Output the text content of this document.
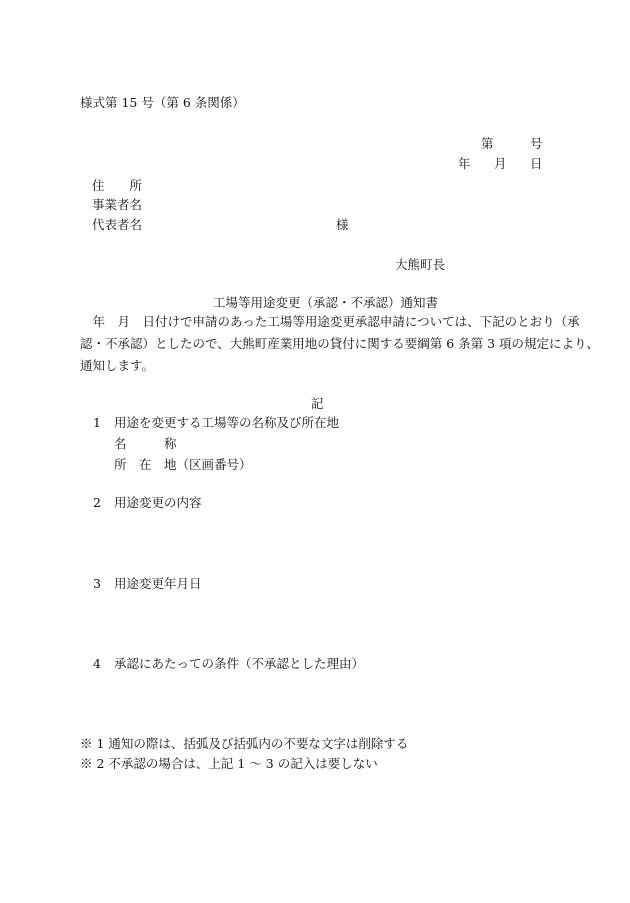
様式第 15 号（第 6 条関係）
第	号
年 月 日
住　　所
事業者名
代表者名	様
大熊町長
工場等用途変更（承認・不承認）通知書
　年　月　日付けで申請のあった工場等用途変更承認申請については、下記のとおり（承
認・不承認）としたので、大熊町産業用地の貸付に関する要綱第 6 条第 3 項の規定により、
通知します。
記
1 用途を変更する工場等の名称及び所在地
名　　　称
所　在　地（区画番号）
2 用途変更の内容
3 用途変更年月日
4 承認にあたっての条件（不承認とした理由）
※ 1 通知の際は、括弧及び括弧内の不要な文字は削除する
※ 2 不承認の場合は、上記 1 ～ 3 の記入は要しない
